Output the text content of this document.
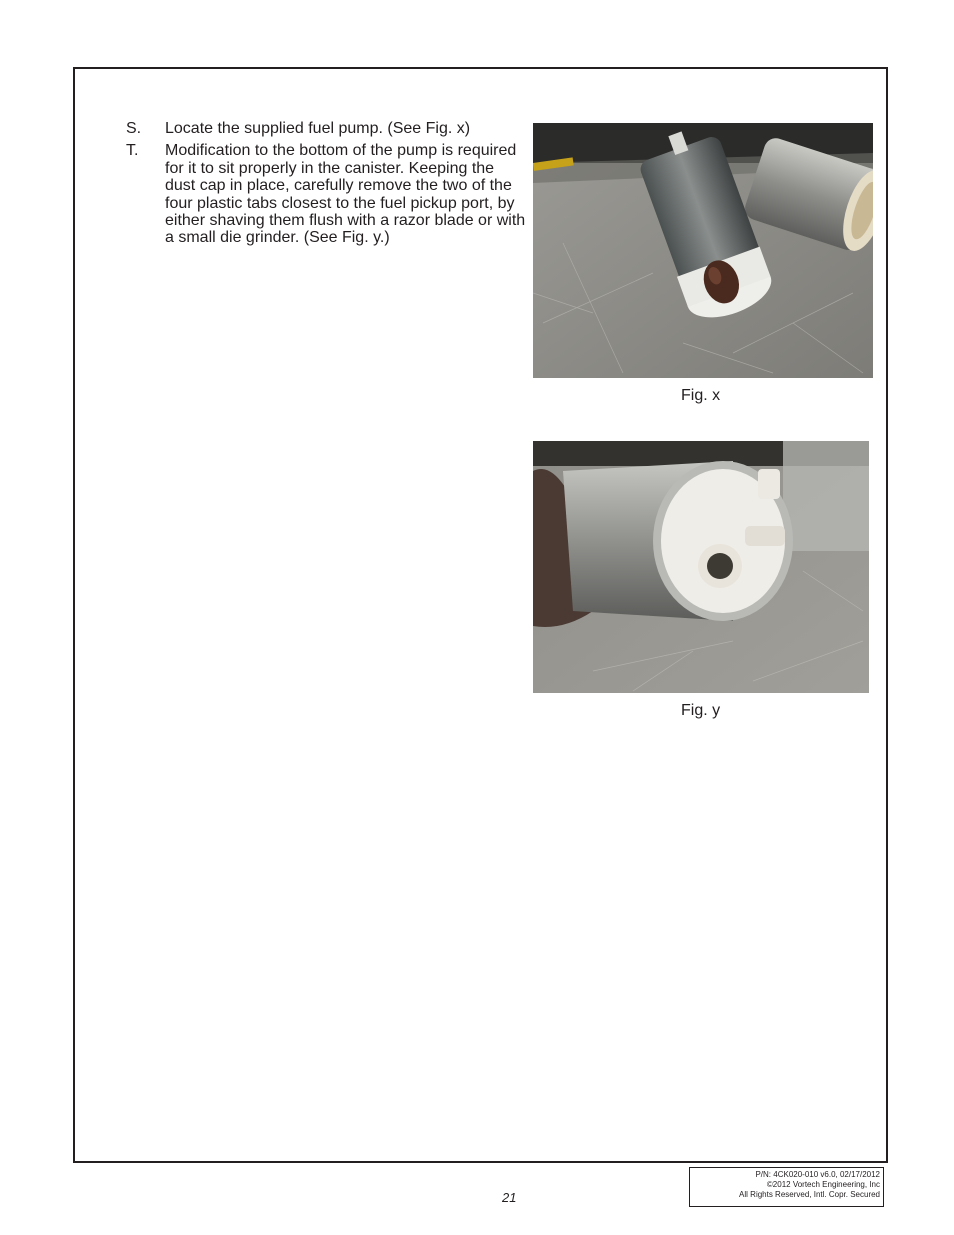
S.	Locate the supplied fuel pump. (See Fig. x)
T.	Modification to the bottom of the pump is required for it to sit properly in the canister. Keeping the dust cap in place, carefully remove the two of the four plastic tabs closest to the fuel pickup port, by either shaving them flush with a razor blade or with a small die grinder. (See Fig. y.)
Fig. x
Fig. y
21
P/N: 4CK020-010 v6.0, 02/17/2012
©2012 Vortech Engineering, Inc
All Rights Reserved, Intl. Copr. Secured
